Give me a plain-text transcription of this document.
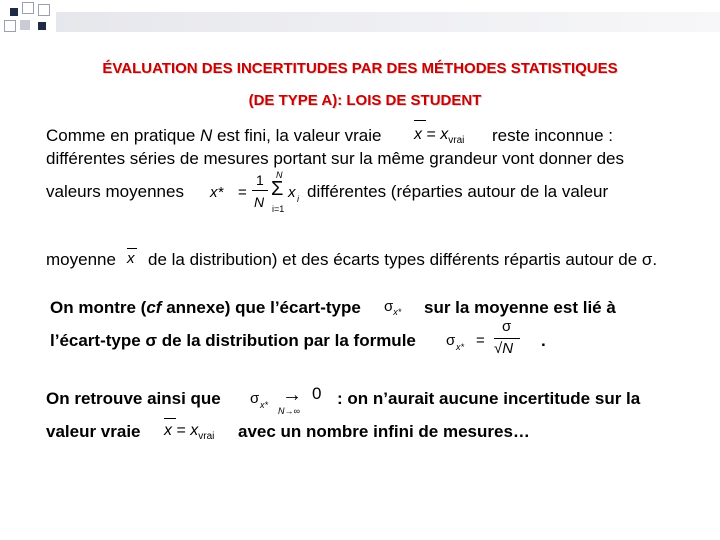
ÉVALUATION DES INCERTITUDES PAR DES MÉTHODES STATISTIQUES
(DE TYPE A): LOIS DE STUDENT
Comme en pratique N est fini, la valeur vraie $x = x_{vrai}$ reste inconnue :
différentes séries de mesures portant sur la même grandeur vont donner des
valeurs moyennes x* =
1
N
N
Σ
i=1
x i différentes (réparties autour de la valeur
moyenne x de la distribution) et des écarts types différents répartis autour de σ.
On montre (cf annexe) que l’écart-type $\sigma_{x*}$ sur la moyenne est lié à
l’écart-type σ de la distribution par la formule σ x* =
σ
√N .
On retrouve ainsi que σ x* → 0
N→∞
: on n’aurait aucune incertitude sur la
valeur vraie $x = x_{vrai}$ avec un nombre infini de mesures…
